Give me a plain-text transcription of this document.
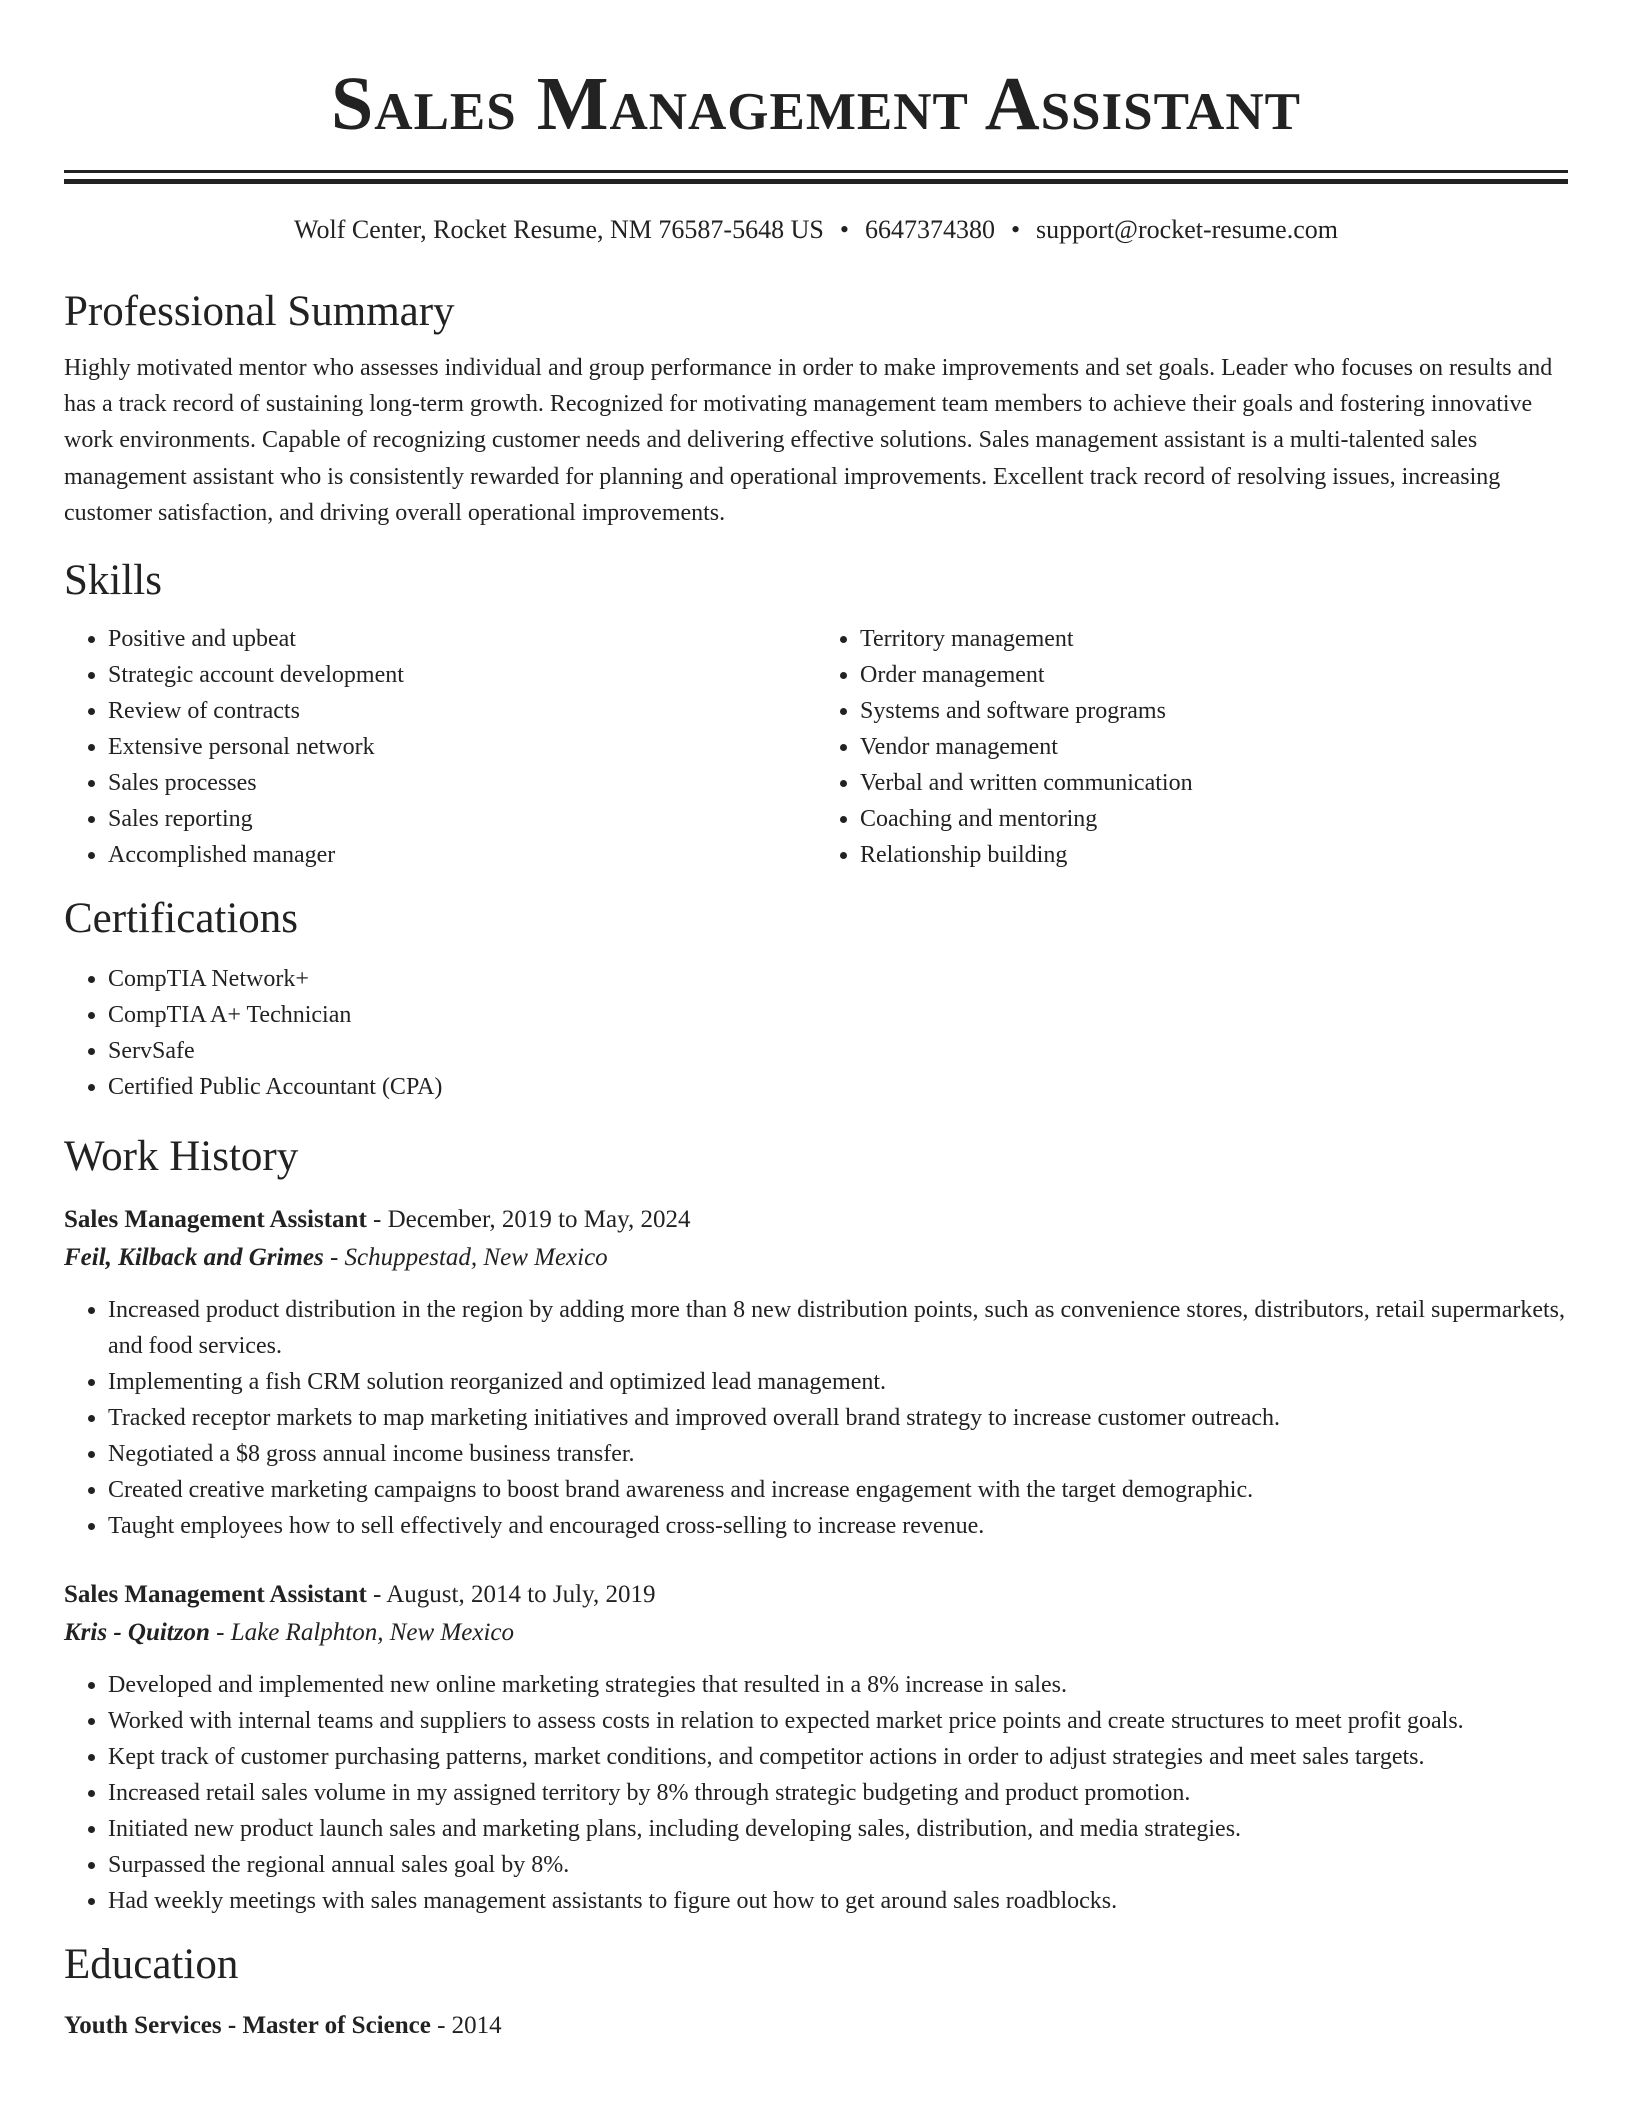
Sales Management Assistant
Wolf Center, Rocket Resume, NM 76587-5648 US • 6647374380 • support@rocket-resume.com
Professional Summary
Highly motivated mentor who assesses individual and group performance in order to make improvements and set goals. Leader who focuses on results and has a track record of sustaining long-term growth. Recognized for motivating management team members to achieve their goals and fostering innovative work environments. Capable of recognizing customer needs and delivering effective solutions. Sales management assistant is a multi-talented sales management assistant who is consistently rewarded for planning and operational improvements. Excellent track record of resolving issues, increasing customer satisfaction, and driving overall operational improvements.
Skills
• Positive and upbeat
• Strategic account development
• Review of contracts
• Extensive personal network
• Sales processes
• Sales reporting
• Accomplished manager
• Territory management
• Order management
• Systems and software programs
• Vendor management
• Verbal and written communication
• Coaching and mentoring
• Relationship building
Certifications
• CompTIA Network+
• CompTIA A+ Technician
• ServSafe
• Certified Public Accountant (CPA)
Work History
Sales Management Assistant - December, 2019 to May, 2024
Feil, Kilback and Grimes - Schuppestad, New Mexico
• Increased product distribution in the region by adding more than 8 new distribution points, such as convenience stores, distributors, retail supermarkets, and food services.
• Implementing a fish CRM solution reorganized and optimized lead management.
• Tracked receptor markets to map marketing initiatives and improved overall brand strategy to increase customer outreach.
• Negotiated a $8 gross annual income business transfer.
• Created creative marketing campaigns to boost brand awareness and increase engagement with the target demographic.
• Taught employees how to sell effectively and encouraged cross-selling to increase revenue.
Sales Management Assistant - August, 2014 to July, 2019
Kris - Quitzon - Lake Ralphton, New Mexico
• Developed and implemented new online marketing strategies that resulted in a 8% increase in sales.
• Worked with internal teams and suppliers to assess costs in relation to expected market price points and create structures to meet profit goals.
• Kept track of customer purchasing patterns, market conditions, and competitor actions in order to adjust strategies and meet sales targets.
• Increased retail sales volume in my assigned territory by 8% through strategic budgeting and product promotion.
• Initiated new product launch sales and marketing plans, including developing sales, distribution, and media strategies.
• Surpassed the regional annual sales goal by 8%.
• Had weekly meetings with sales management assistants to figure out how to get around sales roadblocks.
Education
Youth Services - Master of Science - 2014
